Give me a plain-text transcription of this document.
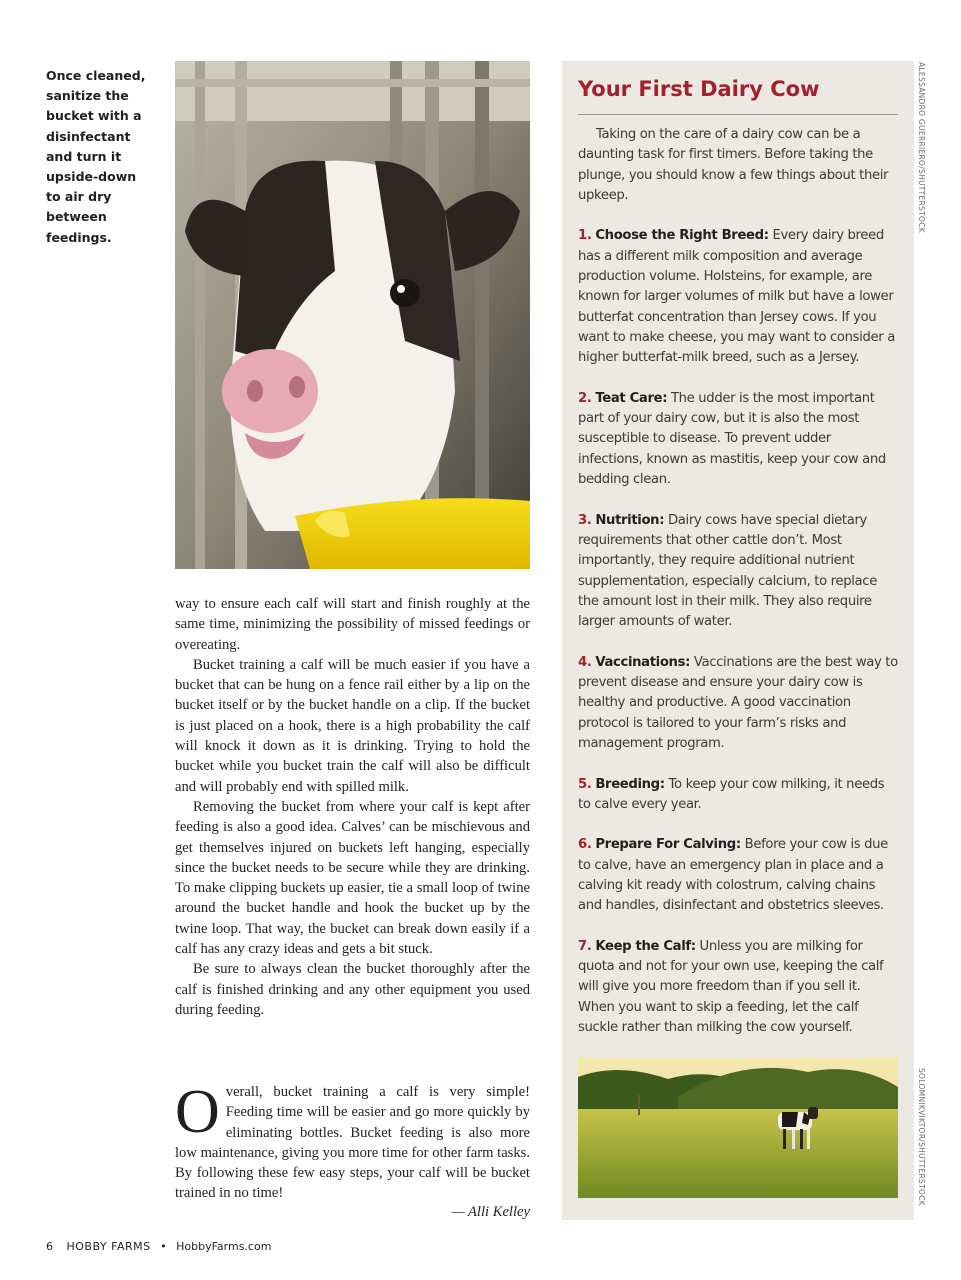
Once cleaned, sanitize the bucket with a disinfectant and turn it upside-down to air dry between feedings.

way to ensure each calf will start and finish roughly at the same time, minimizing the possibility of missed feedings or overeating.

Bucket training a calf will be much easier if you have a bucket that can be hung on a fence rail either by a lip on the bucket itself or by the bucket handle on a clip. If the bucket is just placed on a hook, there is a high probability the calf will knock it down as it is drinking. Trying to hold the bucket while you bucket train the calf will also be difficult and will probably end with spilled milk.

Removing the bucket from where your calf is kept after feeding is also a good idea. Calves’ can be mischievous and get themselves injured on buckets left hanging, especially since the bucket needs to be secure while they are drinking. To make clipping buckets up easier, tie a small loop of twine around the bucket handle and hook the bucket up by the twine loop. That way, the bucket can break down easily if a calf has any crazy ideas and gets a bit stuck.

Be sure to always clean the bucket thoroughly after the calf is finished drinking and any other equipment you used during feeding.

Overall, bucket training a calf is very simple! Feeding time will be easier and go more quickly by eliminating bottles. Bucket feeding is also more low maintenance, giving you more time for other farm tasks. By following these few easy steps, your calf will be bucket trained in no time!

— Alli Kelley
Your First Dairy Cow

Taking on the care of a dairy cow can be a daunting task for first timers. Before taking the plunge, you should know a few things about their upkeep.

1. Choose the Right Breed: Every dairy breed has a different milk composition and average production volume. Holsteins, for example, are known for larger volumes of milk but have a lower butterfat concentration than Jersey cows. If you want to make cheese, you may want to consider a higher butterfat-milk breed, such as a Jersey.

2. Teat Care: The udder is the most important part of your dairy cow, but it is also the most susceptible to disease. To prevent udder infections, known as mastitis, keep your cow and bedding clean.

3. Nutrition: Dairy cows have special dietary requirements that other cattle don’t. Most importantly, they require additional nutrient supplementation, especially calcium, to replace the amount lost in their milk. They also require larger amounts of water.

4. Vaccinations: Vaccinations are the best way to prevent disease and ensure your dairy cow is healthy and productive. A good vaccination protocol is tailored to your farm’s risks and management program.

5. Breeding: To keep your cow milking, it needs to calve every year.

6. Prepare For Calving: Before your cow is due to calve, have an emergency plan in place and a calving kit ready with colostrum, calving chains and handles, disinfectant and obstetrics sleeves.

7. Keep the Calf: Unless you are milking for quota and not for your own use, keeping the calf will give you more freedom than if you sell it. When you want to skip a feeding, let the calf suckle rather than milking the cow yourself.

ALESSANDRO GUERRIERO/SHUTTERSTOCK
SOLOMNIKVIKTOR/SHUTTERSTOCK
6 HOBBY FARMS • HobbyFarms.com
